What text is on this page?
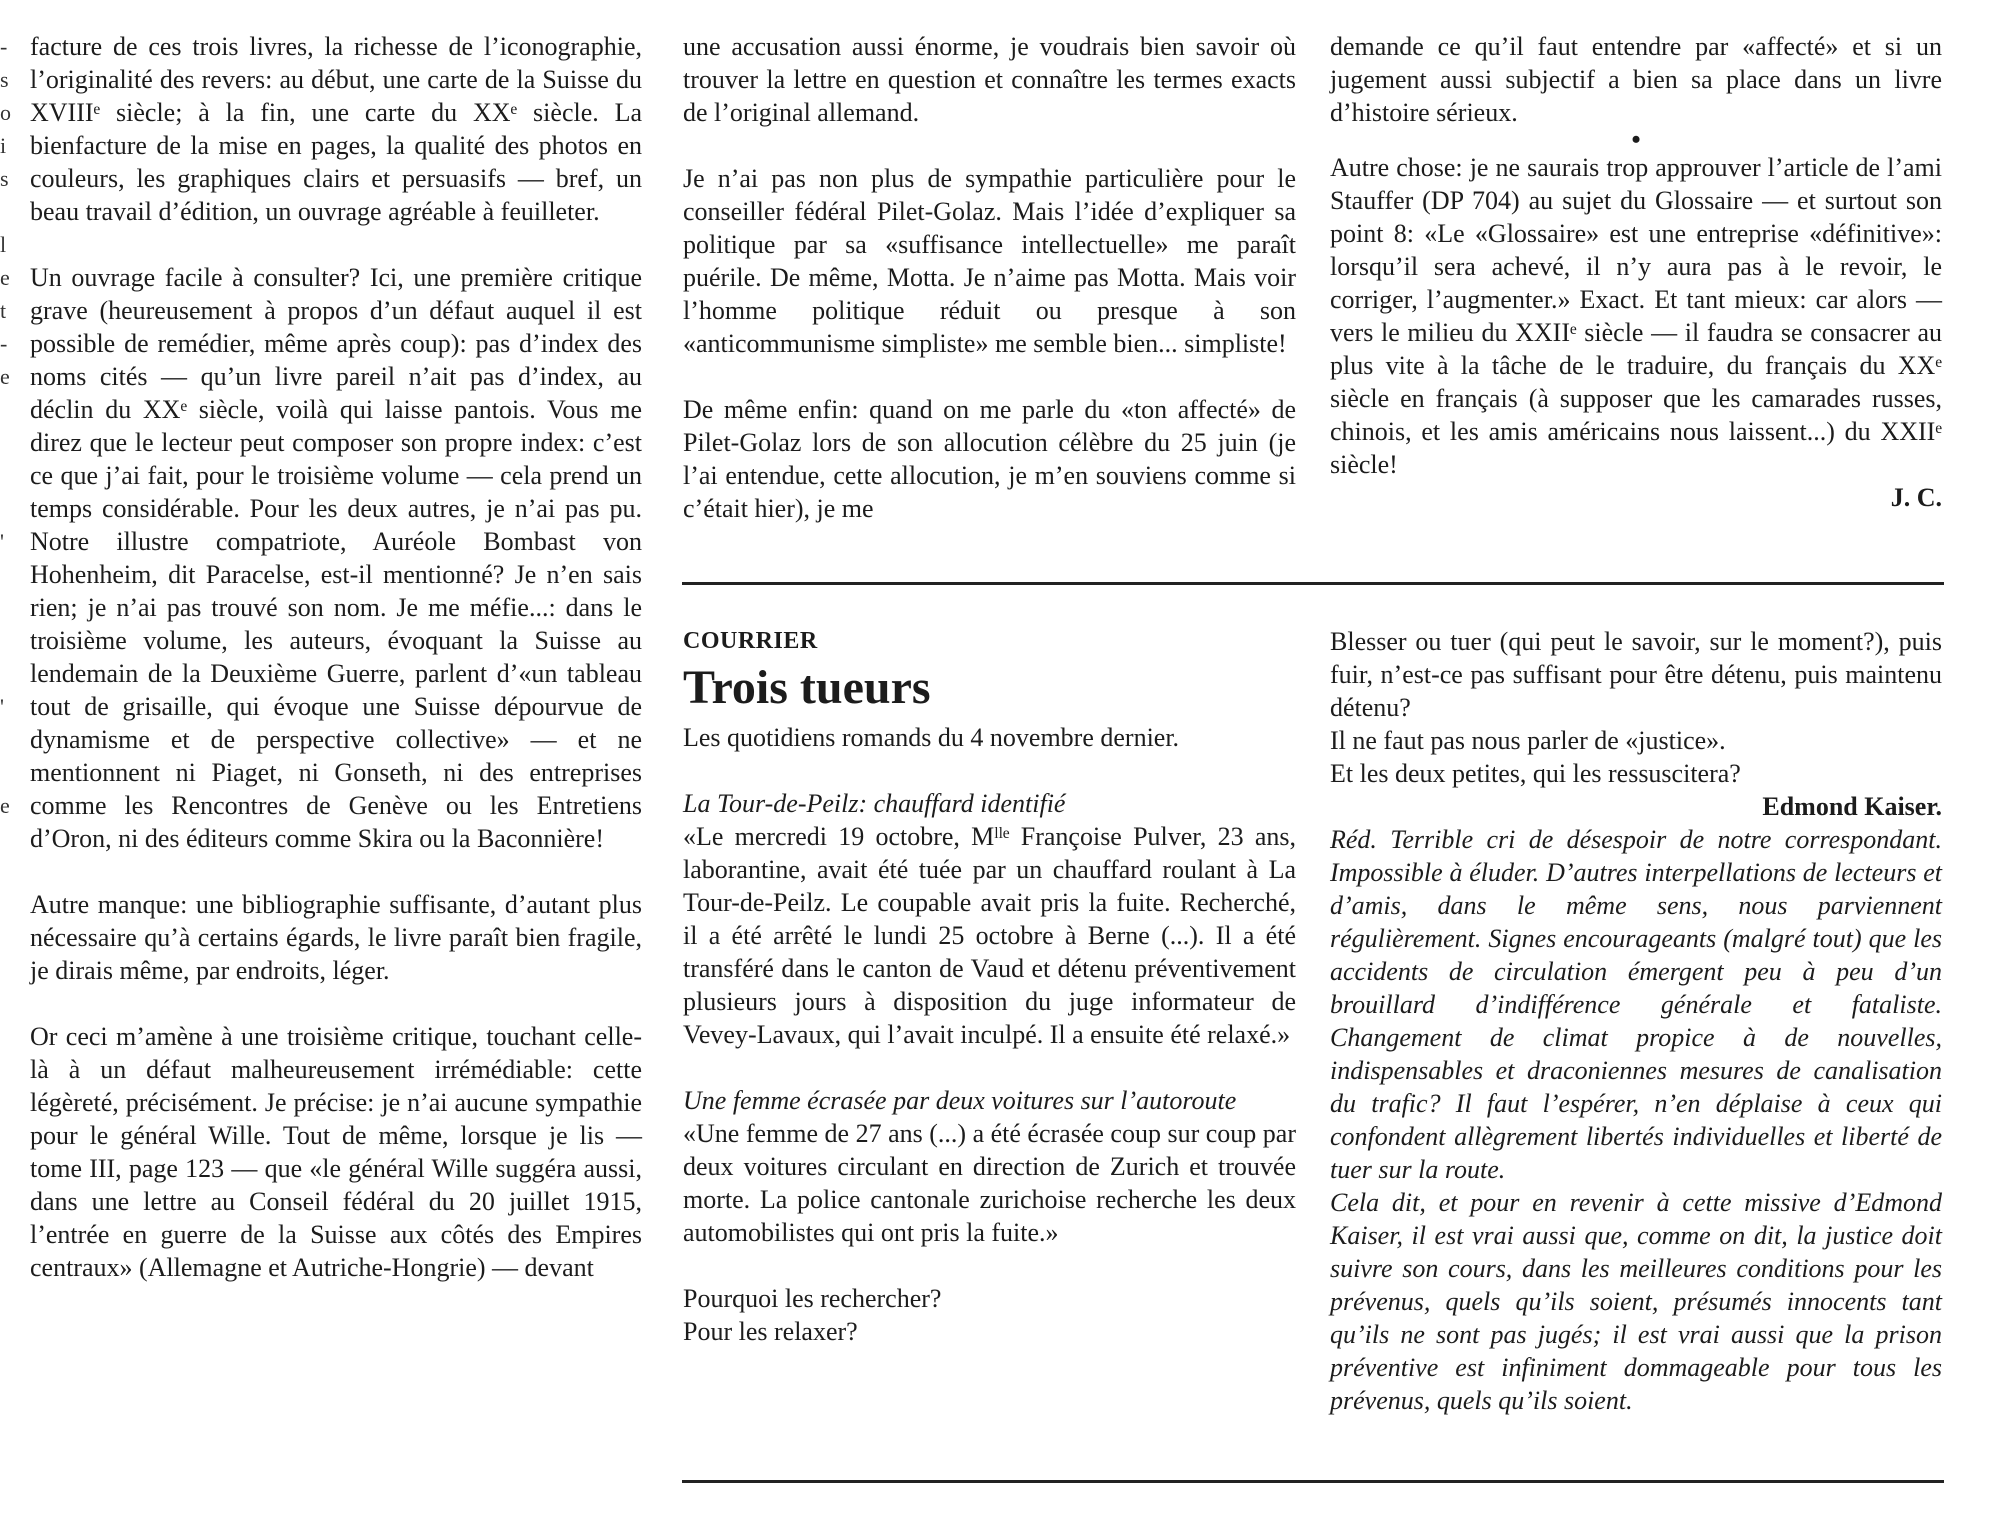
-
s
o
i
s

l
e
t
-
e

'

'

e

facture de ces trois livres, la richesse de l’iconographie, l’originalité des revers: au début, une carte de la Suisse du XVIIIᵉ siècle; à la fin, une carte du XXᵉ siècle. La bienfacture de la mise en pages, la qualité des photos en couleurs, les graphiques clairs et persuasifs — bref, un beau travail d’édition, un ouvrage agréable à feuilleter.

Un ouvrage facile à consulter? Ici, une première critique grave (heureusement à propos d’un défaut auquel il est possible de remédier, même après coup): pas d’index des noms cités — qu’un livre pareil n’ait pas d’index, au déclin du XXᵉ siècle, voilà qui laisse pantois. Vous me direz que le lecteur peut composer son propre index: c’est ce que j’ai fait, pour le troisième volume — cela prend un temps considérable. Pour les deux autres, je n’ai pas pu. Notre illustre compatriote, Auréole Bombast von Hohenheim, dit Paracelse, est-il mentionné? Je n’en sais rien; je n’ai pas trouvé son nom. Je me méfie...: dans le troisième volume, les auteurs, évoquant la Suisse au lendemain de la Deuxième Guerre, parlent d’«un tableau tout de grisaille, qui évoque une Suisse dépourvue de dynamisme et de perspective collective» — et ne mentionnent ni Piaget, ni Gonseth, ni des entreprises comme les Rencontres de Genève ou les Entretiens d’Oron, ni des éditeurs comme Skira ou la Baconnière!

Autre manque: une bibliographie suffisante, d’autant plus nécessaire qu’à certains égards, le livre paraît bien fragile, je dirais même, par endroits, léger.

Or ceci m’amène à une troisième critique, touchant celle-là à un défaut malheureusement irrémédiable: cette légèreté, précisément. Je précise: je n’ai aucune sympathie pour le général Wille. Tout de même, lorsque je lis — tome III, page 123 — que «le général Wille suggéra aussi, dans une lettre au Conseil fédéral du 20 juillet 1915, l’entrée en guerre de la Suisse aux côtés des Empires centraux» (Allemagne et Autriche-Hongrie) — devant

une accusation aussi énorme, je voudrais bien savoir où trouver la lettre en question et connaître les termes exacts de l’original allemand.

Je n’ai pas non plus de sympathie particulière pour le conseiller fédéral Pilet-Golaz. Mais l’idée d’expliquer sa politique par sa «suffisance intellectuelle» me paraît puérile. De même, Motta. Je n’aime pas Motta. Mais voir l’homme politique réduit ou presque à son «anticommunisme simpliste» me semble bien... simpliste!

De même enfin: quand on me parle du «ton affecté» de Pilet-Golaz lors de son allocution célèbre du 25 juin (je l’ai entendue, cette allocution, je m’en souviens comme si c’était hier), je me

demande ce qu’il faut entendre par «affecté» et si un jugement aussi subjectif a bien sa place dans un livre d’histoire sérieux.

•

Autre chose: je ne saurais trop approuver l’article de l’ami Stauffer (DP 704) au sujet du Glossaire — et surtout son point 8: «Le «Glossaire» est une entreprise «définitive»: lorsqu’il sera achevé, il n’y aura pas à le revoir, le corriger, l’augmenter.» Exact. Et tant mieux: car alors — vers le milieu du XXIIᵉ siècle — il faudra se consacrer au plus vite à la tâche de le traduire, du français du XXᵉ siècle en français (à supposer que les camarades russes, chinois, et les amis américains nous laissent...) du XXIIᵉ siècle!

J. C.

COURRIER
Trois tueurs

Les quotidiens romands du 4 novembre dernier.

La Tour-de-Peilz: chauffard identifié

«Le mercredi 19 octobre, Mˡˡᵉ Françoise Pulver, 23 ans, laborantine, avait été tuée par un chauffard roulant à La Tour-de-Peilz. Le coupable avait pris la fuite. Recherché, il a été arrêté le lundi 25 octobre à Berne (...). Il a été transféré dans le canton de Vaud et détenu préventivement plusieurs jours à disposition du juge informateur de Vevey-Lavaux, qui l’avait inculpé. Il a ensuite été relaxé.»

Une femme écrasée par deux voitures sur l’autoroute

«Une femme de 27 ans (...) a été écrasée coup sur coup par deux voitures circulant en direction de Zurich et trouvée morte. La police cantonale zurichoise recherche les deux automobilistes qui ont pris la fuite.»

Pourquoi les rechercher?

Pour les relaxer?

Blesser ou tuer (qui peut le savoir, sur le moment?), puis fuir, n’est-ce pas suffisant pour être détenu, puis maintenu détenu?

Il ne faut pas nous parler de «justice».

Et les deux petites, qui les ressuscitera?

Edmond Kaiser.

Réd. Terrible cri de désespoir de notre correspondant. Impossible à éluder. D’autres interpellations de lecteurs et d’amis, dans le même sens, nous parviennent régulièrement. Signes encourageants (malgré tout) que les accidents de circulation émergent peu à peu d’un brouillard d’indifférence générale et fataliste. Changement de climat propice à de nouvelles, indispensables et draconiennes mesures de canalisation du trafic? Il faut l’espérer, n’en déplaise à ceux qui confondent allègrement libertés individuelles et liberté de tuer sur la route.

Cela dit, et pour en revenir à cette missive d’Edmond Kaiser, il est vrai aussi que, comme on dit, la justice doit suivre son cours, dans les meilleures conditions pour les prévenus, quels qu’ils soient, présumés innocents tant qu’ils ne sont pas jugés; il est vrai aussi que la prison préventive est infiniment dommageable pour tous les prévenus, quels qu’ils soient.
